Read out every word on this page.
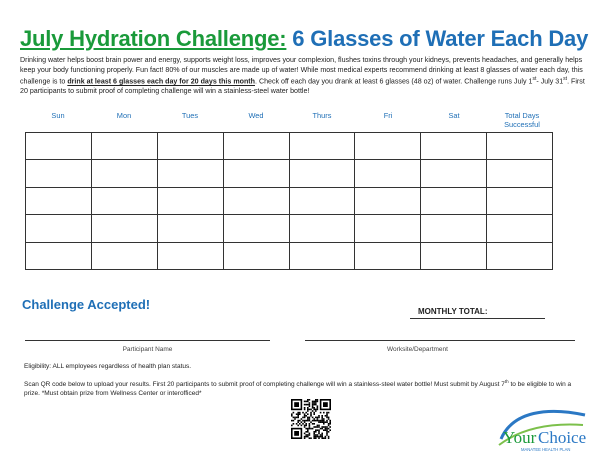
July Hydration Challenge: 6 Glasses of Water Each Day
Drinking water helps boost brain power and energy, supports weight loss, improves your complexion, flushes toxins through your kidneys, prevents headaches, and generally helps keep your body functioning properly. Fun fact! 80% of our muscles are made up of water! While most medical experts recommend drinking at least 8 glasses of water each day, this challenge is to drink at least 6 glasses each day for 20 days this month. Check off each day you drank at least 6 glasses (48 oz) of water. Challenge runs July 1st- July 31st. First 20 participants to submit proof of completing challenge will win a stainless-steel water bottle!
Sun	Mon	Tues	Wed	Thurs	Fri	Sat	Total Days Successful

Challenge Accepted!	MONTHLY TOTAL:
Participant Name	Worksite/Department
Eligibility: ALL employees regardless of health plan status.
Scan QR code below to upload your results. First 20 participants to submit proof of completing challenge will win a stainless-steel water bottle! Must submit by August 7th to be eligible to win a prize. *Must obtain prize from Wellness Center or interofficed*
Your Choice
MANATEE HEALTH PLAN
